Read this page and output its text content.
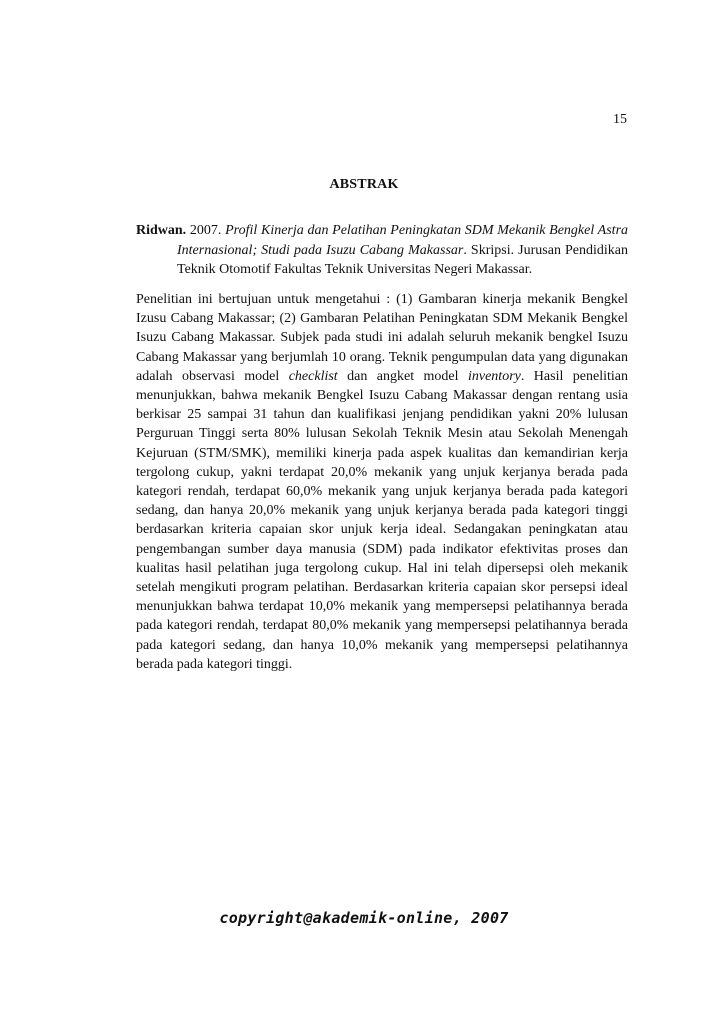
15
ABSTRAK
Ridwan. 2007. Profil Kinerja dan Pelatihan Peningkatan SDM Mekanik Bengkel Astra Internasional; Studi pada Isuzu Cabang Makassar. Skripsi. Jurusan Pendidikan Teknik Otomotif Fakultas Teknik Universitas Negeri Makassar.

Penelitian ini bertujuan untuk mengetahui : (1) Gambaran kinerja mekanik Bengkel Izusu Cabang Makassar; (2) Gambaran Pelatihan Peningkatan SDM Mekanik Bengkel Isuzu Cabang Makassar. Subjek pada studi ini adalah seluruh mekanik bengkel Isuzu Cabang Makassar yang berjumlah 10 orang. Teknik pengumpulan data yang digunakan adalah observasi model checklist dan angket model inventory. Hasil penelitian menunjukkan, bahwa mekanik Bengkel Isuzu Cabang Makassar dengan rentang usia berkisar 25 sampai 31 tahun dan kualifikasi jenjang pendidikan yakni 20% lulusan Perguruan Tinggi serta 80% lulusan Sekolah Teknik Mesin atau Sekolah Menengah Kejuruan (STM/SMK), memiliki kinerja pada aspek kualitas dan kemandirian kerja tergolong cukup, yakni terdapat 20,0% mekanik yang unjuk kerjanya berada pada kategori rendah, terdapat 60,0% mekanik yang unjuk kerjanya berada pada kategori sedang, dan hanya 20,0% mekanik yang unjuk kerjanya berada pada kategori tinggi berdasarkan kriteria capaian skor unjuk kerja ideal. Sedangakan peningkatan atau pengembangan sumber daya manusia (SDM) pada indikator efektivitas proses dan kualitas hasil pelatihan juga tergolong cukup. Hal ini telah dipersepsi oleh mekanik setelah mengikuti program pelatihan. Berdasarkan kriteria capaian skor persepsi ideal menunjukkan bahwa terdapat 10,0% mekanik yang mempersepsi pelatihannya berada pada kategori rendah, terdapat 80,0% mekanik yang mempersepsi pelatihannya berada pada kategori sedang, dan hanya 10,0% mekanik yang mempersepsi pelatihannya berada pada kategori tinggi.

copyright@akademik-online, 2007
